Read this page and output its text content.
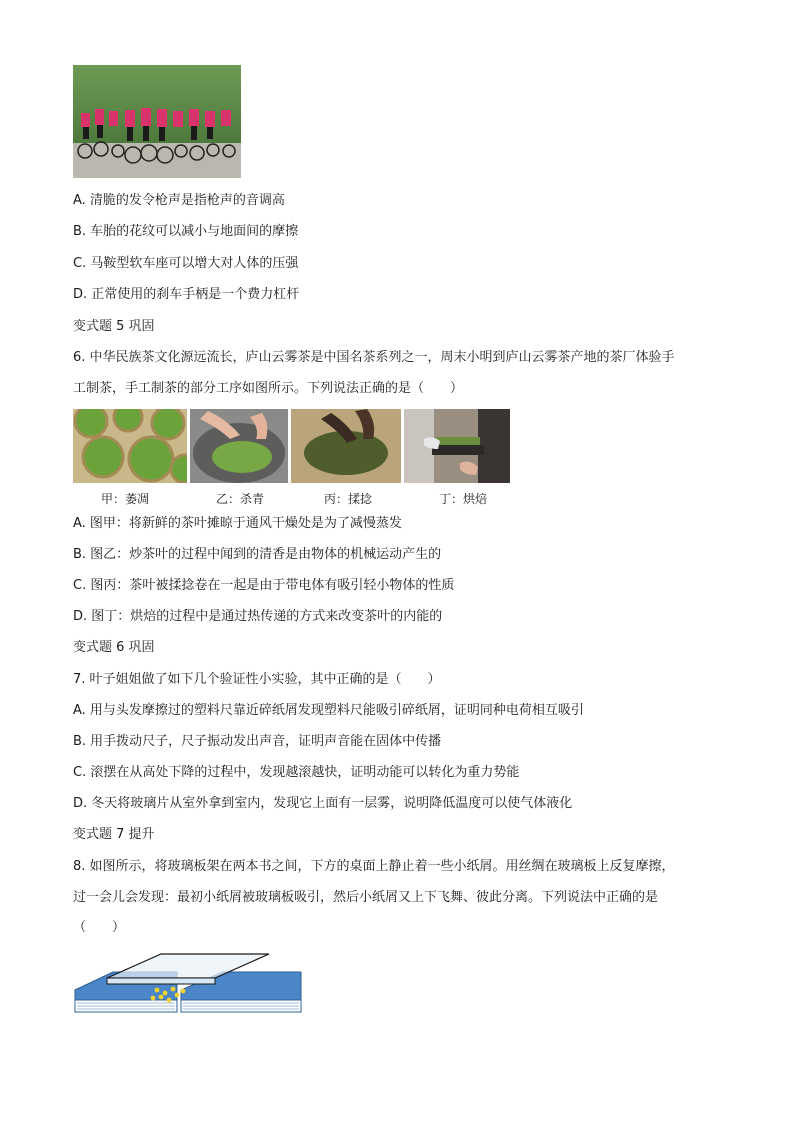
A. 清脆的发令枪声是指枪声的音调高
B. 车胎的花纹可以减小与地面间的摩擦
C. 马鞍型软车座可以增大对人体的压强
D. 正常使用的刹车手柄是一个费力杠杆
变式题 5 巩固
6. 中华民族茶文化源远流长，庐山云雾茶是中国名茶系列之一，周末小明到庐山云雾茶产地的茶厂体验手
工制茶，手工制茶的部分工序如图所示。下列说法正确的是（　　）
甲：萎凋	乙：杀青	丙：揉捻	丁：烘焙
A. 图甲：将新鲜的茶叶摊晾于通风干燥处是为了减慢蒸发
B. 图乙：炒茶叶的过程中闻到的清香是由物体的机械运动产生的
C. 图丙：茶叶被揉捻卷在一起是由于带电体有吸引轻小物体的性质
D. 图丁：烘焙的过程中是通过热传递的方式来改变茶叶的内能的
变式题 6 巩固
7. 叶子姐姐做了如下几个验证性小实验，其中正确的是（　　）
A. 用与头发摩擦过的塑料尺靠近碎纸屑发现塑料尺能吸引碎纸屑，证明同种电荷相互吸引
B. 用手拨动尺子，尺子振动发出声音，证明声音能在固体中传播
C. 滚摆在从高处下降的过程中，发现越滚越快，证明动能可以转化为重力势能
D. 冬天将玻璃片从室外拿到室内，发现它上面有一层雾，说明降低温度可以使气体液化
变式题 7 提升
8. 如图所示，将玻璃板架在两本书之间，下方的桌面上静止着一些小纸屑。用丝绸在玻璃板上反复摩擦，
过一会儿会发现：最初小纸屑被玻璃板吸引，然后小纸屑又上下飞舞、彼此分离。下列说法中正确的是
（　　）
